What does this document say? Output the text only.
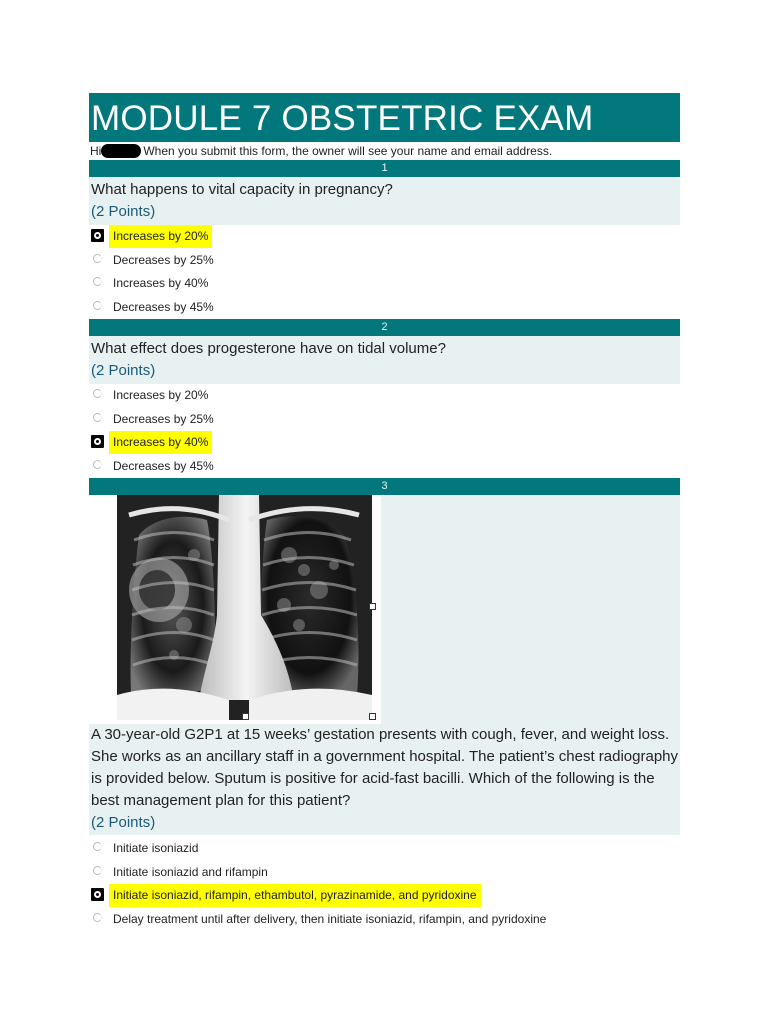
MODULE 7 OBSTETRIC EXAM
Hi	When you submit this form, the owner will see your name and email address.
1
What happens to vital capacity in pregnancy?
(2 Points)
Increases by 20%
Decreases by 25%
Increases by 40%
Decreases by 45%
2
What effect does progesterone have on tidal volume?
(2 Points)
Increases by 20%
Decreases by 25%
Increases by 40%
Decreases by 45%
3
A 30-year-old G2P1 at 15 weeks’ gestation presents with cough, fever, and weight loss. She works as an ancillary staff in a government hospital. The patient’s chest radiography is provided below. Sputum is positive for acid-fast bacilli. Which of the following is the best management plan for this patient?
(2 Points)
Initiate isoniazid
Initiate isoniazid and rifampin
Initiate isoniazid, rifampin, ethambutol, pyrazinamide, and pyridoxine
Delay treatment until after delivery, then initiate isoniazid, rifampin, and pyridoxine
